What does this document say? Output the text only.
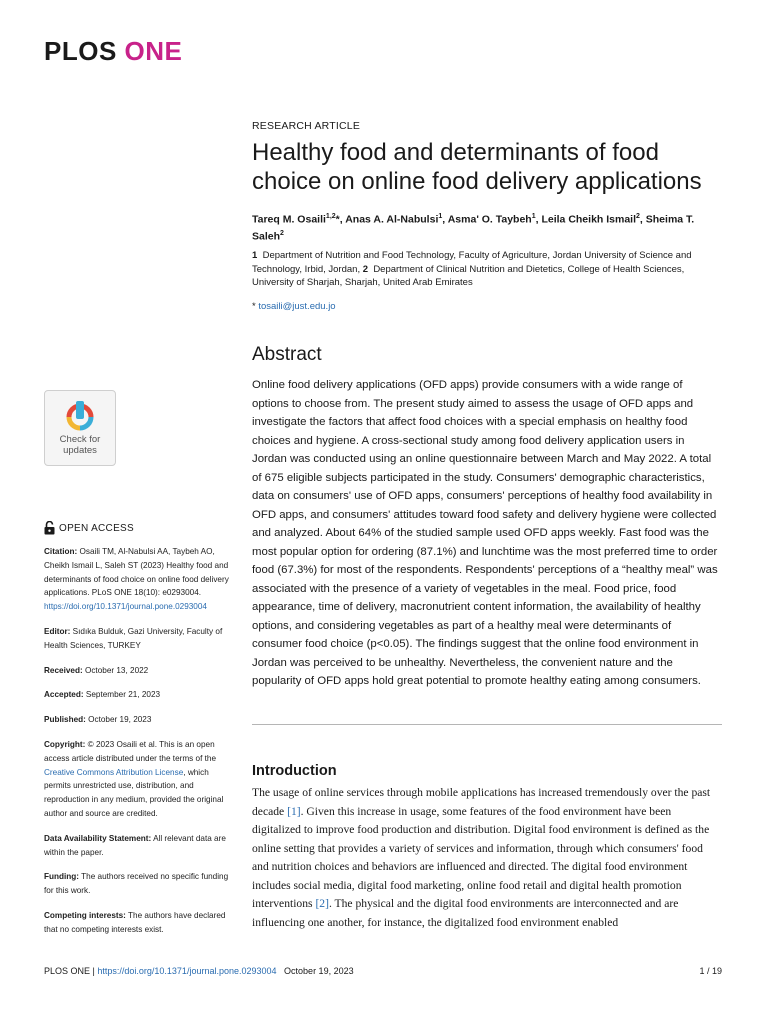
PLOS ONE
RESEARCH ARTICLE
Healthy food and determinants of food choice on online food delivery applications
Tareq M. Osaili$^{1,2}$*, Anas A. Al-Nabulsi$^1$, Asma' O. Taybeh$^1$, Leila Cheikh Ismail$^2$, Sheima T. Saleh$^2$
1 Department of Nutrition and Food Technology, Faculty of Agriculture, Jordan University of Science and Technology, Irbid, Jordan, 2 Department of Clinical Nutrition and Dietetics, College of Health Sciences, University of Sharjah, Sharjah, United Arab Emirates
* tosaili@just.edu.jo
Abstract

Online food delivery applications (OFD apps) provide consumers with a wide range of options to choose from. The present study aimed to assess the usage of OFD apps and investigate the factors that affect food choices with a special emphasis on healthy food choices and hygiene. A cross-sectional study among food delivery application users in Jordan was conducted using an online questionnaire between March and May 2022. A total of 675 eligible subjects participated in the study. Consumers' demographic characteristics, data on consumers' use of OFD apps, consumers' perceptions of healthy food availability in OFD apps, and consumers' attitudes toward food safety and delivery hygiene were collected and analyzed. About 64% of the studied sample used OFD apps weekly. Fast food was the most popular option for ordering (87.1%) and lunchtime was the most preferred time to order food (67.3%) for most of the respondents. Respondents' perceptions of a “healthy meal” was associated with the presence of a variety of vegetables in the meal. Food price, food appearance, time of delivery, macronutrient content information, the availability of healthy options, and considering vegetables as part of a healthy meal were determinants of consumer food choice (p<0.05). The findings suggest that the online food environment in Jordan was perceived to be unhealthy. Nevertheless, the convenient nature and the popularity of OFD apps hold great potential to promote healthy eating among consumers.

Introduction

The usage of online services through mobile applications has increased tremendously over the past decade [1]. Given this increase in usage, some features of the food environment have been digitalized to improve food production and distribution. Digital food environment is defined as the online setting that provides a variety of services and information, through which consumers' food and nutrition choices and behaviors are influenced and directed. The digital food environment includes social media, digital food marketing, online food retail and digital health promotion interventions [2]. The physical and the digital food environments are interconnected and are influencing one another, for instance, the digitalized food environment enabled

Check for
updates
OPEN ACCESS
Citation: Osaili TM, Al-Nabulsi AA, Taybeh AO, Cheikh Ismail L, Saleh ST (2023) Healthy food and determinants of food choice on online food delivery applications. PLoS ONE 18(10): e0293004. https://doi.org/10.1371/journal.pone.0293004
Editor: Sıdıka Bulduk, Gazi University, Faculty of Health Sciences, TURKEY
Received: October 13, 2022
Accepted: September 21, 2023
Published: October 19, 2023
Copyright: © 2023 Osaili et al. This is an open access article distributed under the terms of the Creative Commons Attribution License, which permits unrestricted use, distribution, and reproduction in any medium, provided the original author and source are credited.
Data Availability Statement: All relevant data are within the paper.
Funding: The authors received no specific funding for this work.
Competing interests: The authors have declared that no competing interests exist.
PLOS ONE | https://doi.org/10.1371/journal.pone.0293004 October 19, 2023	1 / 19
